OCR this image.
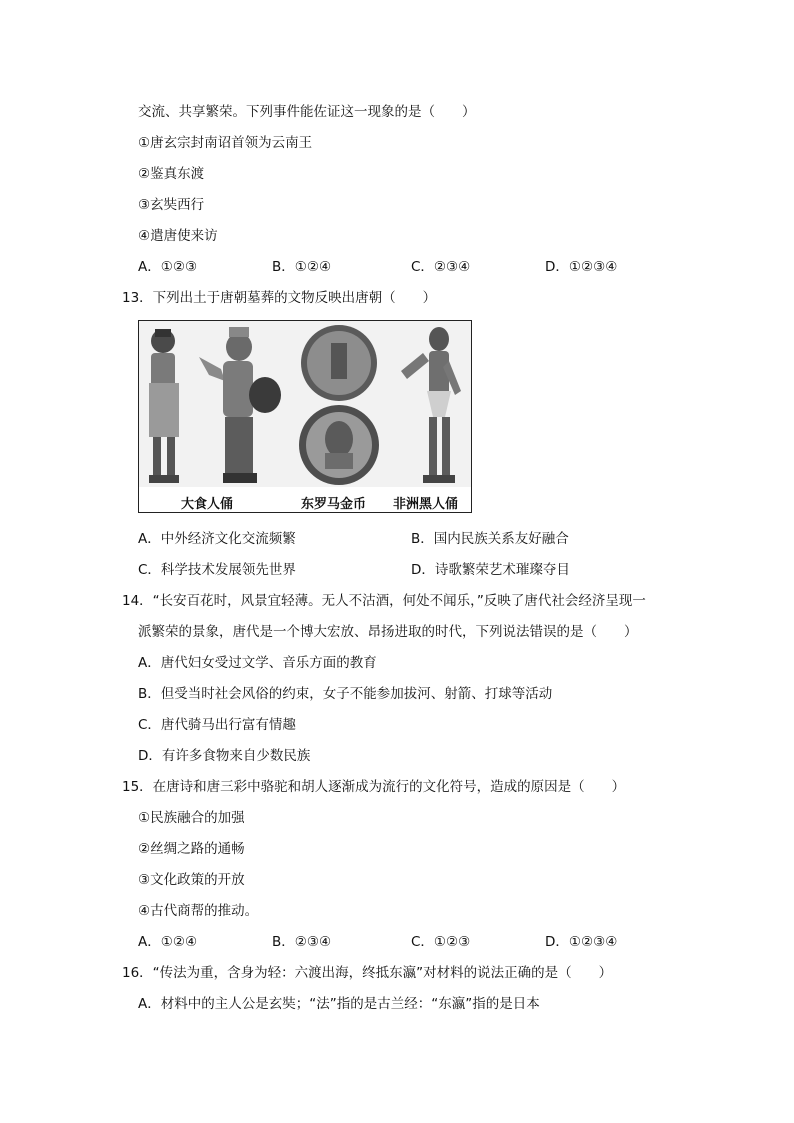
交流、共享繁荣。下列事件能佐证这一现象的是（　　）
①唐玄宗封南诏首领为云南王
②鉴真东渡
③玄奘西行
④遣唐使来访
A．①②③	B．①②④	C．②③④	D．①②③④
13．下列出土于唐朝墓葬的文物反映出唐朝（　　）
大食人俑	东罗马金币 非洲黑人俑
A．中外经济文化交流频繁	B．国内民族关系友好融合
C．科学技术发展领先世界	D．诗歌繁荣艺术璀璨夺目
14．“长安百花时，风景宜轻薄。无人不沽酒，何处不闻乐，”反映了唐代社会经济呈现一
派繁荣的景象，唐代是一个博大宏放、昂扬进取的时代，下列说法错误的是（　　）
A．唐代妇女受过文学、音乐方面的教育
B．但受当时社会风俗的约束，女子不能参加拔河、射箭、打球等活动
C．唐代骑马出行富有情趣
D．有许多食物来自少数民族
15．在唐诗和唐三彩中骆驼和胡人逐渐成为流行的文化符号，造成的原因是（　　）
①民族融合的加强
②丝绸之路的通畅
③文化政策的开放
④古代商帮的推动。
A．①②④	B．②③④	C．①②③	D．①②③④
16．“传法为重，含身为轻：六渡出海，终抵东瀛”对材料的说法正确的是（　　）
A．材料中的主人公是玄奘；“法”指的是古兰经：“东瀛”指的是日本
